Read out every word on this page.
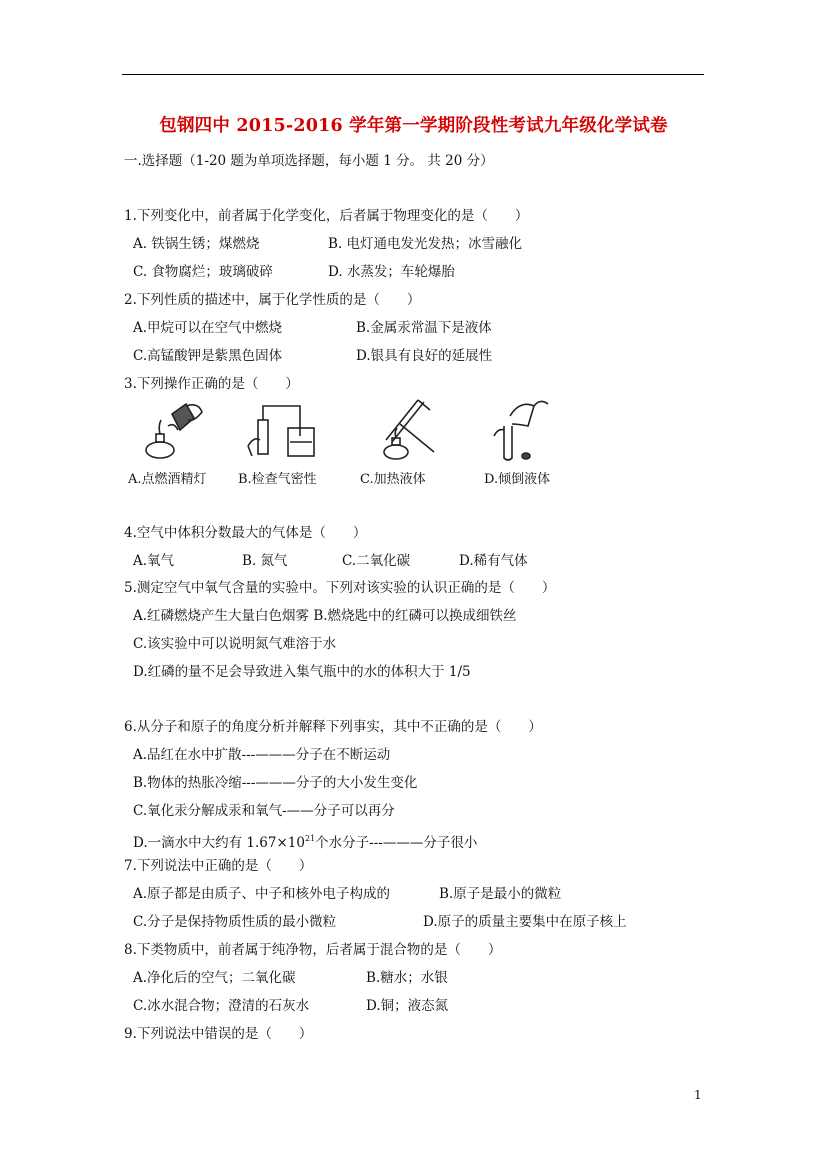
包钢四中 2015-2016 学年第一学期阶段性考试九年级化学试卷
一.选择题（1-20 题为单项选择题，每小题 1 分。 共 20 分）
1.下列变化中，前者属于化学变化，后者属于物理变化的是（　　）
A. 铁锅生锈；煤燃烧	B. 电灯通电发光发热；冰雪融化
C. 食物腐烂；玻璃破碎	D. 水蒸发；车轮爆胎
2.下列性质的描述中，属于化学性质的是（　　）
A.甲烷可以在空气中燃烧	B.金属汞常温下是液体
C.高锰酸钾是紫黑色固体	D.银具有良好的延展性
3.下列操作正确的是（　　）
A.点燃酒精灯	B.检查气密性	C.加热液体	D.倾倒液体
4.空气中体积分数最大的气体是（　　）
A.氧气	B. 氮气	C.二氧化碳	D.稀有气体
5.测定空气中氧气含量的实验中。下列对该实验的认识正确的是（　　）
A.红磷燃烧产生大量白色烟雾 B.燃烧匙中的红磷可以换成细铁丝
C.该实验中可以说明氮气难溶于水
D.红磷的量不足会导致进入集气瓶中的水的体积大于 1/5
6.从分子和原子的角度分析并解释下列事实，其中不正确的是（　　）
A.品红在水中扩散---———分子在不断运动
B.物体的热胀冷缩---———分子的大小发生变化
C.氧化汞分解成汞和氧气-——分子可以再分
D.一滴水中大约有 $1.67\times 10^{21}$个水分子---———分子很小
7.下列说法中正确的是（　　）
A.原子都是由质子、中子和核外电子构成的	B.原子是最小的微粒
C.分子是保持物质性质的最小微粒	D.原子的质量主要集中在原子核上
8.下类物质中，前者属于纯净物，后者属于混合物的是（　　）
A.净化后的空气；二氧化碳	B.糖水；水银
C.冰水混合物；澄清的石灰水	D.铜；液态氮
9.下列说法中错误的是（　　）
1
